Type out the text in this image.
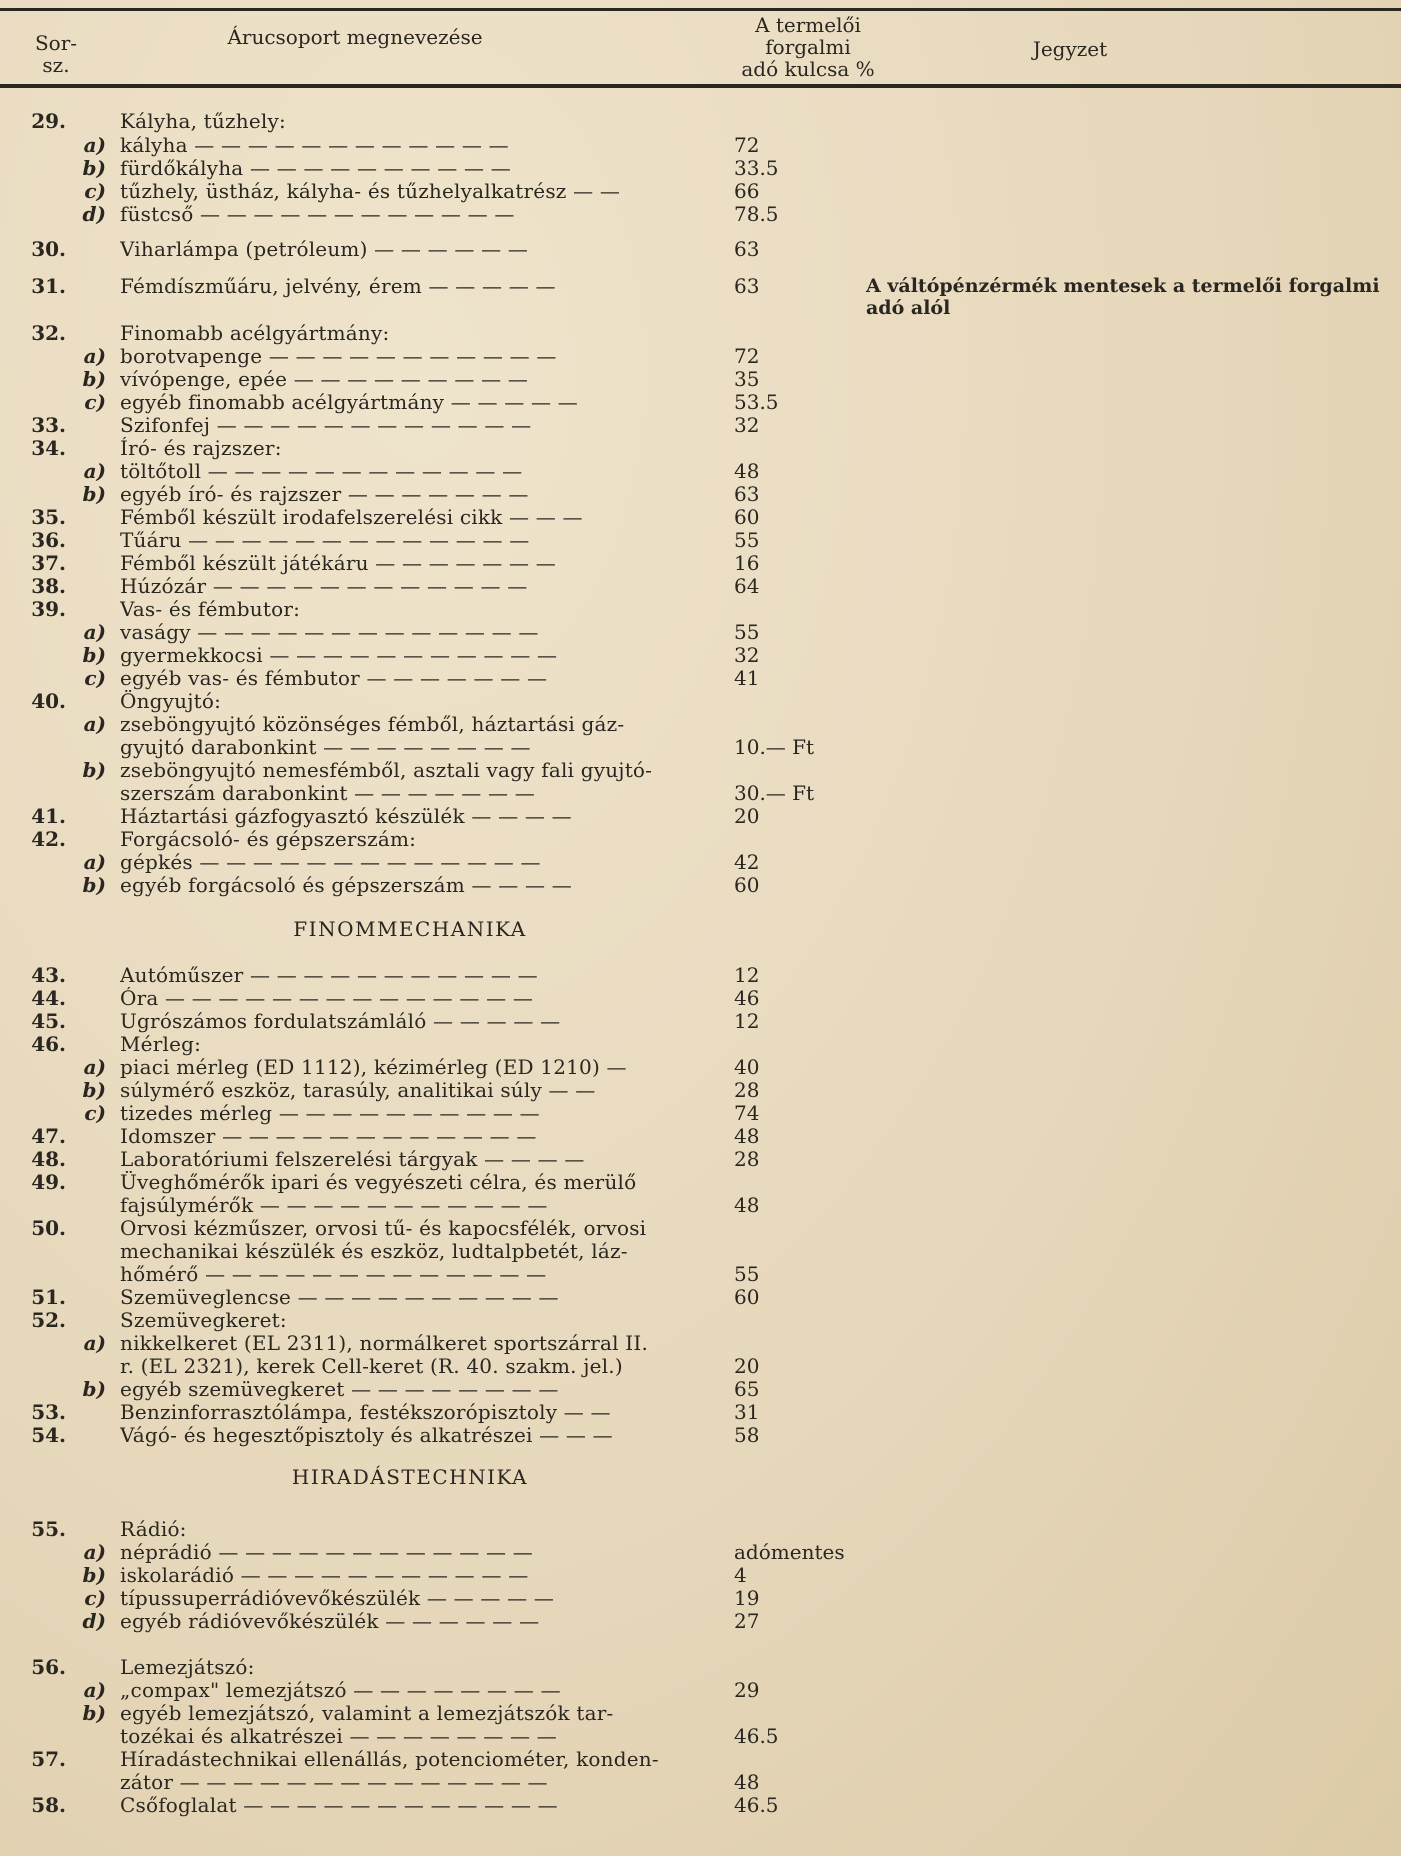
Sor-
sz.
Árucsoport megnevezése	A termelői
forgalmi
adó kulcsa %
Jegyzet
29.	Kályha, tűzhely:
a) kályha — — — — — — — — — — — —	72
b) fürdőkályha — — — — — — — — — —	33.5
c) tűzhely, üstház, kályha- és tűzhelyalkatrész — —	66
d) füstcső — — — — — — — — — — — —	78.5
30.	Viharlámpa (petróleum) — — — — — —	63
31.	Fémdíszműáru, jelvény, érem — — — — —	63	A váltópénzérmék mentesek a termelői forgalmi
adó alól
32.	Finomabb acélgyártmány:
a) borotvapenge — — — — — — — — — — —	72
b) vívópenge, epée — — — — — — — — —	35
c) egyéb finomabb acélgyártmány — — — — —	53.5
33.	Szifonfej — — — — — — — — — — — —	32
34.	Író- és rajzszer:
a) töltőtoll — — — — — — — — — — — —	48
b) egyéb író- és rajzszer — — — — — — —	63
35.	Fémből készült irodafelszerelési cikk — — —	60
36.	Tűáru — — — — — — — — — — — — —	55
37.	Fémből készült játékáru — — — — — — —	16
38.	Húzózár — — — — — — — — — — — —	64
39.	Vas- és fémbutor:
a) vaságy — — — — — — — — — — — — —	55
b) gyermekkocsi — — — — — — — — — — —	32
c) egyéb vas- és fémbutor — — — — — — —	41
40.	Öngyujtó:
a) zseböngyujtó közönséges fémből, háztartási gáz-
gyujtó darabonkint — — — — — — — —	10.— Ft
b) zseböngyujtó nemesfémből, asztali vagy fali gyujtó-
szerszám darabonkint — — — — — — —	30.— Ft
41.	Háztartási gázfogyasztó készülék — — — —	20
42.	Forgácsoló- és gépszerszám:
a) gépkés — — — — — — — — — — — — —	42
b) egyéb forgácsoló és gépszerszám — — — —	60
FINOMMECHANIKA
43.	Autóműszer — — — — — — — — — — —	12
44.	Óra — — — — — — — — — — — — — —	46
45.	Ugrószámos fordulatszámláló — — — — —	12
46.	Mérleg:
a) piaci mérleg (ED 1112), kézimérleg (ED 1210) —	40
b) súlymérő eszköz, tarasúly, analitikai súly — —	28
c) tizedes mérleg — — — — — — — — — —	74
47.	Idomszer — — — — — — — — — — — —	48
48.	Laboratóriumi felszerelési tárgyak — — — —	28
49.	Üveghőmérők ipari és vegyészeti célra, és merülő
fajsúlymérők — — — — — — — — — — —	48
50.	Orvosi kézműszer, orvosi tű- és kapocsfélék, orvosi
mechanikai készülék és eszköz, ludtalpbetét, láz-
hőmérő — — — — — — — — — — — — —	55
51.	Szemüveglencse — — — — — — — — — —	60
52.	Szemüvegkeret:
a) nikkelkeret (EL 2311), normálkeret sportszárral II.
r. (EL 2321), kerek Cell-keret (R. 40. szakm. jel.)	20
b) egyéb szemüvegkeret — — — — — — — —	65
53.	Benzinforrasztólámpa, festékszorópisztoly — —	31
54.	Vágó- és hegesztőpisztoly és alkatrészei — — —	58
HIRADÁSTECHNIKA
55.	Rádió:
a) néprádió — — — — — — — — — — — —	adómentes
b) iskolarádió — — — — — — — — — — —	4
c) típussuperrádióvevőkészülék — — — — —	19
d) egyéb rádióvevőkészülék — — — — — —	27
56.	Lemezjátszó:
a) „compax" lemezjátszó — — — — — — — —	29
b) egyéb lemezjátszó, valamint a lemezjátszók tar-
tozékai és alkatrészei — — — — — — — —	46.5
57.	Híradástechnikai ellenállás, potenciométer, konden-
zátor — — — — — — — — — — — — — —	48
58.	Csőfoglalat — — — — — — — — — — — —	46.5
